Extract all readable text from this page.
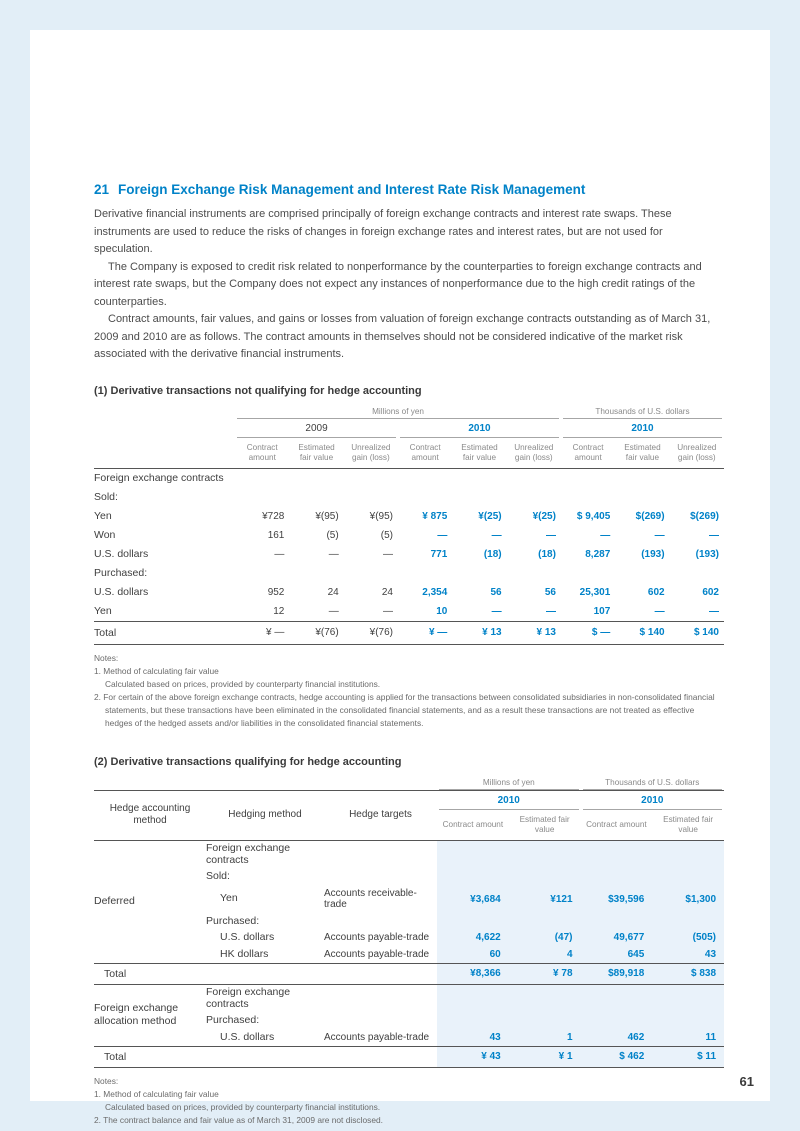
21 Foreign Exchange Risk Management and Interest Rate Risk Management

Derivative financial instruments are comprised principally of foreign exchange contracts and interest rate swaps. These instruments are used to reduce the risks of changes in foreign exchange rates and interest rates, but are not used for speculation.

The Company is exposed to credit risk related to nonperformance by the counterparties to foreign exchange contracts and interest rate swaps, but the Company does not expect any instances of nonperformance due to the high credit ratings of the counterparties.

Contract amounts, fair values, and gains or losses from valuation of foreign exchange contracts outstanding as of March 31, 2009 and 2010 are as follows. The contract amounts in themselves should not be considered indicative of the market risk associated with the derivative financial instruments.

(1) Derivative transactions not qualifying for hedge accounting

	Millions of yen						Thousands of U.S. dollars		

	2009			2010			2010		

	Contract amount	Estimated fair value	Unrealized gain (loss)	Contract amount	Estimated fair value	Unrealized gain (loss)	Contract amount	Estimated fair value	Unrealized gain (loss)
Foreign exchange contracts									
Sold:									
Yen	¥728	¥(95)	¥(95)	¥ 875	¥(25)	¥(25)	$ 9,405	$(269)	$(269)
Won	161	(5)	(5)	—	—	—	—	—	—
U.S. dollars	—	—	—	771	(18)	(18)	8,287	(193)	(193)
Purchased:									
U.S. dollars	952	24	24	2,354	56	56	25,301	602	602
Yen	12	—	—	10	—	—	107	—	—
Total	¥ —	¥(76)	¥(76)	¥ —	¥ 13	¥ 13	$ —	$ 140	$ 140
Notes:
1. Method of calculating fair value
Calculated based on prices, provided by counterparty financial institutions.
2. For certain of the above foreign exchange contracts, hedge accounting is applied for the transactions between consolidated subsidiaries in non-consolidated financial statements, but these transactions have been eliminated in the consolidated financial statements, and as a result these transactions are not treated as effective hedges of the hedged assets and/or liabilities in the consolidated financial statements.
(2) Derivative transactions qualifying for hedge accounting

			Millions of yen		Thousands of U.S. dollars	

Hedge accounting method	Hedging method	Hedge targets	2010		2010	

			Contract amount	Estimated fair value	Contract amount	Estimated fair value
Deferred	Foreign exchange contracts					
	Sold:					
	Yen	Accounts receivable-trade	¥3,684	¥121	$39,596	$1,300
	Purchased:					
	U.S. dollars	Accounts payable-trade	4,622	(47)	49,677	(505)
	HK dollars	Accounts payable-trade	60	4	645	43
Total			¥8,366	¥ 78	$89,918	$ 838
Foreign exchange allocation method	Foreign exchange contracts					
	Purchased:					
	U.S. dollars	Accounts payable-trade	43	1	462	11
Total			¥ 43	¥ 1	$ 462	$ 11
Notes:
1. Method of calculating fair value
Calculated based on prices, provided by counterparty financial institutions.
2. The contract balance and fair value as of March 31, 2009 are not disclosed.
61
